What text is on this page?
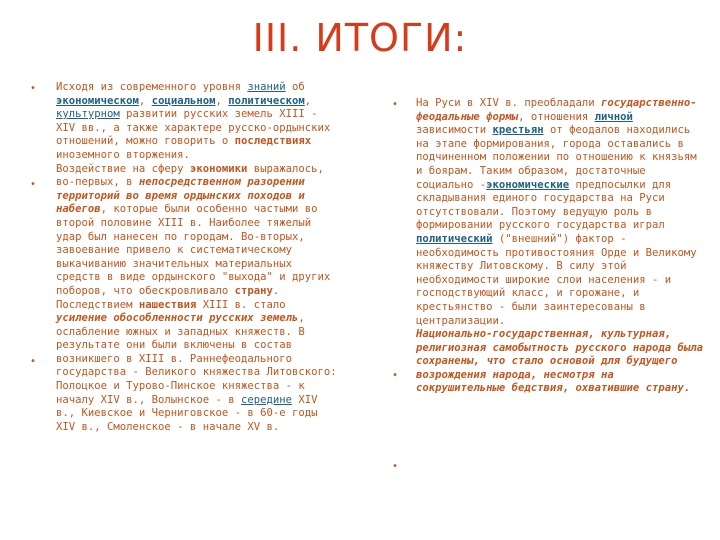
III. ИТОГИ:
•
•
•
•
•
•

Исходя из современного уровня знаний об экономическом, социальном, политическом, культурном развитии русских земель XIII - XIV вв., а также характере русско-ордынских отношений, можно говорить о последствиях иноземного вторжения.

Воздействие на сферу экономики выражалось, во-первых, в непосредственном разорении территорий во время ордынских походов и набегов, которые были особенно частыми во второй половине XIII в. Наиболее тяжелый удар был нанесен по городам. Во-вторых, завоевание привело к систематическому выкачиванию значительных материальных средств в виде ордынского "выхода" и других поборов, что обескровливало страну.

Последствием нашествия XIII в. стало усиление обособленности русских земель, ослабление южных и западных княжеств. В результате они были включены в состав возникшего в XIII в. Раннефеодального государства - Великого княжества Литовского: Полоцкое и Турово-Пинское княжества - к началу XIV в., Волынское - в середине XIV в., Киевское и Черниговское - в 60-е годы XIV в., Смоленское - в начале XV в.

На Руси в XIV в. преобладали государственно-феодальные формы, отношения личной зависимости крестьян от феодалов находились на этапе формирования, города оставались в подчиненном положении по отношению к князьям и боярам. Таким образом, достаточные социально -экономические предпосылки для складывания единого государства на Руси отсутствовали. Поэтому ведущую роль в формировании русского государства играл политический ("внешний") фактор - необходимость противостояния Орде и Великому княжеству Литовскому. В силу этой необходимости широкие слои населения - и господствующий класс, и горожане, и крестьянство - были заинтересованы в централизации.

Национально-государственная, культурная, религиозная самобытность русского народа была сохранены, что стало основой для будущего возрождения народа, несмотря на сокрушительные бедствия, охватившие страну.
